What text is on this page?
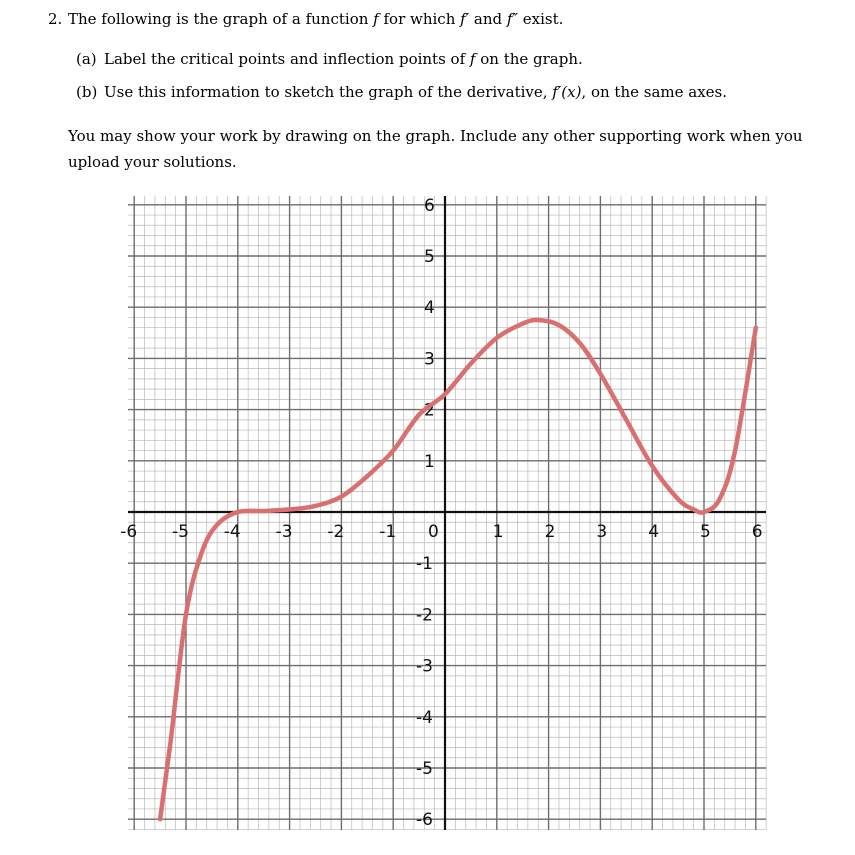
2. The following is the graph of a function f for which f′ and f″ exist.
(a) Label the critical points and inflection points of f on the graph.
(b) Use this information to sketch the graph of the derivative, f′(x), on the same axes.
You may show your work by drawing on the graph. Include any other supporting work when you upload your solutions.
-6 -5 -4 -3 -2 -1 0	1 2 3 4 5 6
6
5
4
3
2
1
-1
-2
-3
-4
-5
-6
